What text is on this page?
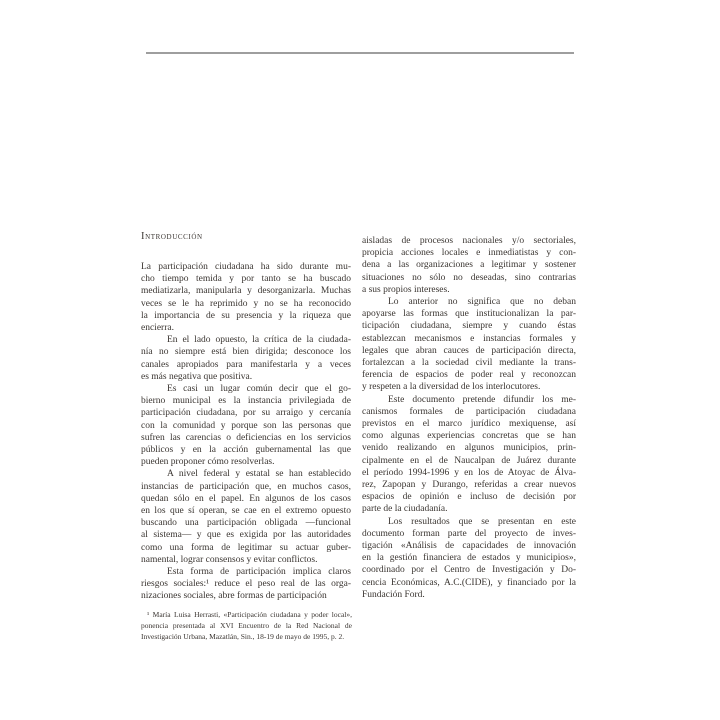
Introducción
La participación ciudadana ha sido durante mu-
cho tiempo temida y por tanto se ha buscado
mediatizarla, manipularla y desorganizarla. Muchas
veces se le ha reprimido y no se ha reconocido
la importancia de su presencia y la riqueza que
encierra.
En el lado opuesto, la crítica de la ciudada-
nía no siempre está bien dirigida; desconoce los
canales apropiados para manifestarla y a veces
es más negativa que positiva.
Es casi un lugar común decir que el go-
bierno municipal es la instancia privilegiada de
participación ciudadana, por su arraigo y cercanía
con la comunidad y porque son las personas que
sufren las carencias o deficiencias en los servicios
públicos y en la acción gubernamental las que
pueden proponer cómo resolverlas.
A nivel federal y estatal se han establecido
instancias de participación que, en muchos casos,
quedan sólo en el papel. En algunos de los casos
en los que sí operan, se cae en el extremo opuesto
buscando una participación obligada —funcional
al sistema— y que es exigida por las autoridades
como una forma de legitimar su actuar guber-
namental, lograr consensos y evitar conflictos.
Esta forma de participación implica claros
riesgos sociales:¹ reduce el peso real de las orga-
nizaciones sociales, abre formas de participación
aisladas de procesos nacionales y/o sectoriales,
propicia acciones locales e inmediatistas y con-
dena a las organizaciones a legitimar y sostener
situaciones no sólo no deseadas, sino contrarias
a sus propios intereses.
Lo anterior no significa que no deban
apoyarse las formas que institucionalizan la par-
ticipación ciudadana, siempre y cuando éstas
establezcan mecanismos e instancias formales y
legales que abran cauces de participación directa,
fortalezcan a la sociedad civil mediante la trans-
ferencia de espacios de poder real y reconozcan
y respeten a la diversidad de los interlocutores.
Este documento pretende difundir los me-
canismos formales de participación ciudadana
previstos en el marco jurídico mexiquense, así
como algunas experiencias concretas que se han
venido realizando en algunos municipios, prin-
cipalmente en el de Naucalpan de Juárez durante
el período 1994-1996 y en los de Atoyac de Álva-
rez, Zapopan y Durango, referidas a crear nuevos
espacios de opinión e incluso de decisión por
parte de la ciudadanía.
Los resultados que se presentan en este
documento forman parte del proyecto de inves-
tigación «Análisis de capacidades de innovación
en la gestión financiera de estados y municipios»,
coordinado por el Centro de Investigación y Do-
cencia Económicas, A.C.(CIDE), y financiado por la
Fundación Ford.
¹ María Luisa Herrasti, «Participación ciudadana y poder local»,
ponencia presentada al XVI Encuentro de la Red Nacional de
Investigación Urbana, Mazatlán, Sin., 18-19 de mayo de 1995, p. 2.
